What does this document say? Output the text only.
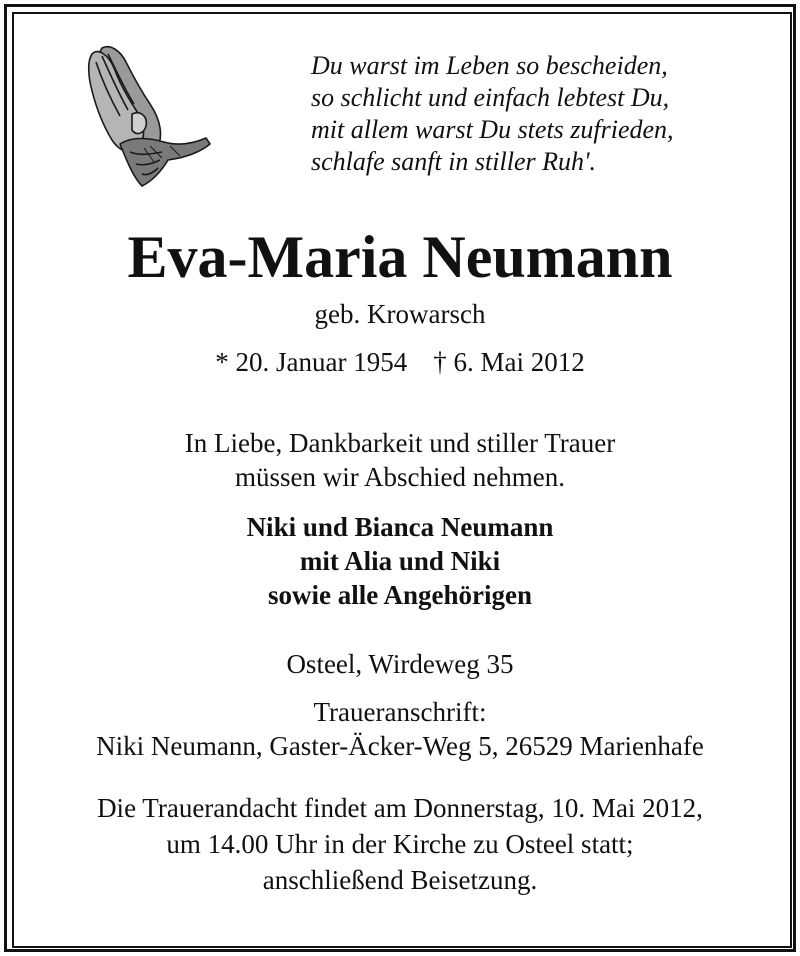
Du warst im Leben so bescheiden,
so schlicht und einfach lebtest Du,
mit allem warst Du stets zufrieden,
schlafe sanft in stiller Ruh'.
Eva-Maria Neumann
geb. Krowarsch
* 20. Januar 1954 † 6. Mai 2012
In Liebe, Dankbarkeit und stiller Trauer
müssen wir Abschied nehmen.
Niki und Bianca Neumann
mit Alia und Niki
sowie alle Angehörigen
Osteel, Wirdeweg 35
Traueranschrift:
Niki Neumann, Gaster-Äcker-Weg 5, 26529 Marienhafe
Die Trauerandacht findet am Donnerstag, 10. Mai 2012,
um 14.00 Uhr in der Kirche zu Osteel statt;
anschließend Beisetzung.
